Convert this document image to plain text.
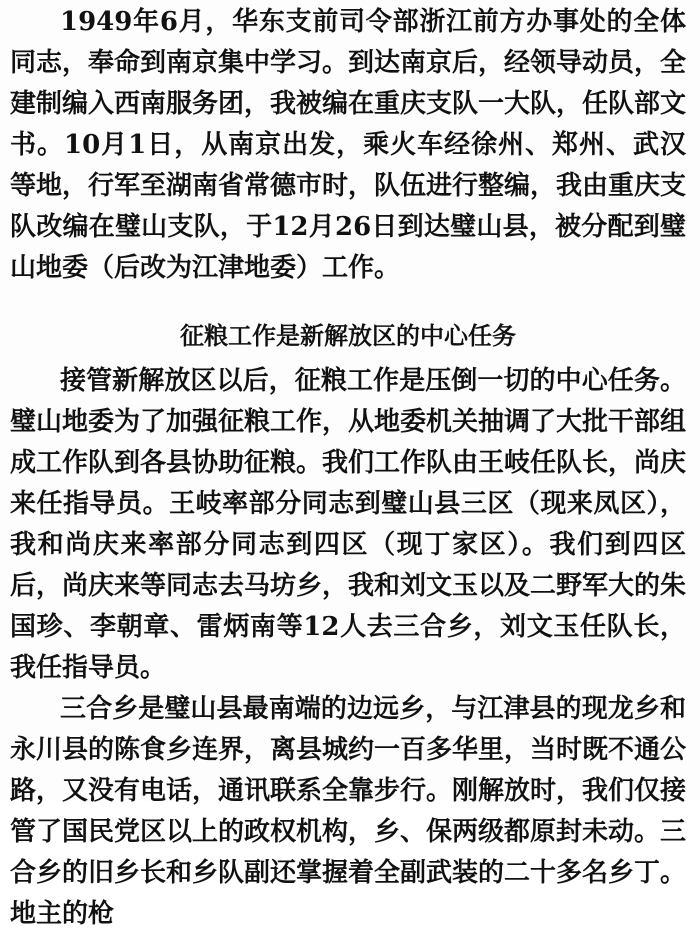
1949年6月，华东支前司令部浙江前方办事处的全体同志，奉命到南京集中学习。到达南京后，经领导动员，全建制编入西南服务团，我被编在重庆支队一大队，任队部文书。10月1日，从南京出发，乘火车经徐州、郑州、武汉等地，行军至湖南省常德市时，队伍进行整编，我由重庆支队改编在璧山支队，于12月26日到达璧山县，被分配到璧山地委（后改为江津地委）工作。

征粮工作是新解放区的中心任务

接管新解放区以后，征粮工作是压倒一切的中心任务。璧山地委为了加强征粮工作，从地委机关抽调了大批干部组成工作队到各县协助征粮。我们工作队由王岐任队长，尚庆来任指导员。王岐率部分同志到璧山县三区（现来凤区），我和尚庆来率部分同志到四区（现丁家区）。我们到四区后，尚庆来等同志去马坊乡，我和刘文玉以及二野军大的朱国珍、李朝章、雷炳南等12人去三合乡，刘文玉任队长，我任指导员。

三合乡是璧山县最南端的边远乡，与江津县的现龙乡和永川县的陈食乡连界，离县城约一百多华里，当时既不通公路，又没有电话，通讯联系全靠步行。刚解放时，我们仅接管了国民党区以上的政权机构，乡、保两级都原封未动。三合乡的旧乡长和乡队副还掌握着全副武装的二十多名乡丁。地主的枪
